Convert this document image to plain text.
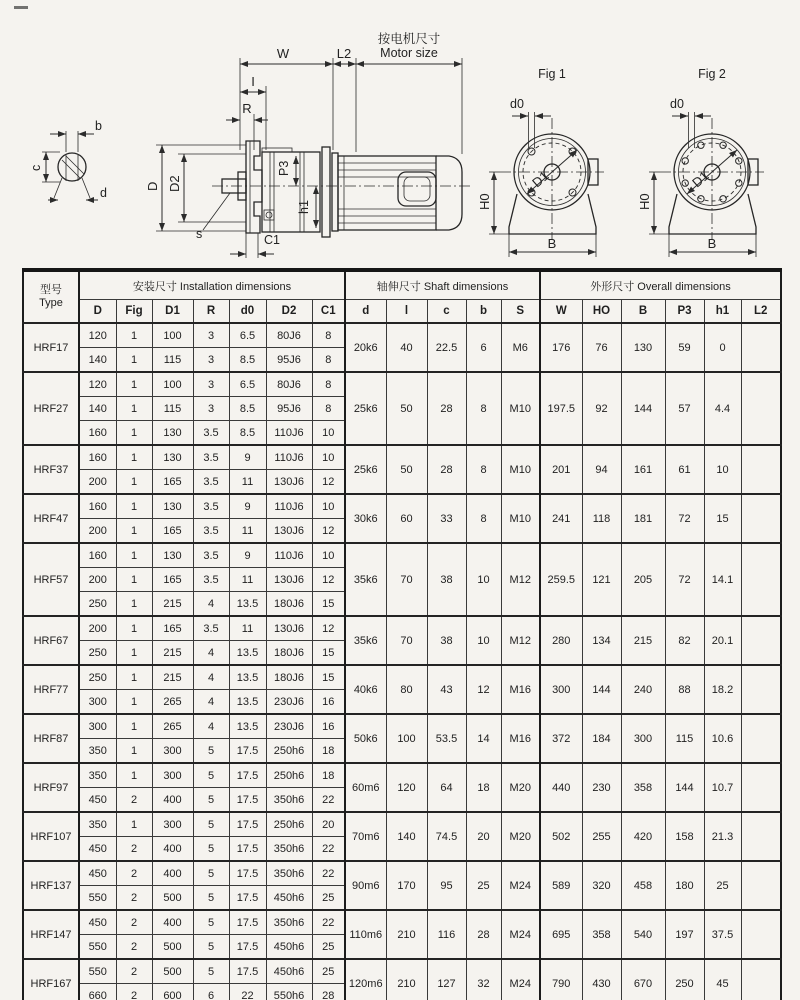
b
c
d
P3
h1
W	L2
按电机尺寸
Motor size
I
R
D D2
s	C1
Fig 1
D1
d0
H0
B
Fig 2
D1
d0
H0
B
型号
Type	安装尺寸 Installation dimensions							轴伸尺寸 Shaft dimensions					外形尺寸 Overall dimensions					
	D	Fig	D1	R	d0	D2	C1	d	l	c	b	S	W	HO	B	P3	h1	L2
HRF17	120	1	100	3	6.5	80J6	8	20k6	40	22.5	6	M6	176	76	130	59	0	
	140	1	115	3	8.5	95J6	8											
HRF27	120	1	100	3	6.5	80J6	8	25k6	50	28	8	M10	197.5	92	144	57	4.4	
	140	1	115	3	8.5	95J6	8											
	160	1	130	3.5	8.5	110J6	10											
HRF37	160	1	130	3.5	9	110J6	10	25k6	50	28	8	M10	201	94	161	61	10	
	200	1	165	3.5	11	130J6	12											
HRF47	160	1	130	3.5	9	110J6	10	30k6	60	33	8	M10	241	118	181	72	15	
	200	1	165	3.5	11	130J6	12											
HRF57	160	1	130	3.5	9	110J6	10	35k6	70	38	10	M12	259.5	121	205	72	14.1	
	200	1	165	3.5	11	130J6	12											
	250	1	215	4	13.5	180J6	15											
HRF67	200	1	165	3.5	11	130J6	12	35k6	70	38	10	M12	280	134	215	82	20.1	
	250	1	215	4	13.5	180J6	15											
HRF77	250	1	215	4	13.5	180J6	15	40k6	80	43	12	M16	300	144	240	88	18.2	
	300	1	265	4	13.5	230J6	16											
HRF87	300	1	265	4	13.5	230J6	16	50k6	100	53.5	14	M16	372	184	300	115	10.6	
	350	1	300	5	17.5	250h6	18											
HRF97	350	1	300	5	17.5	250h6	18	60m6	120	64	18	M20	440	230	358	144	10.7	
	450	2	400	5	17.5	350h6	22											
HRF107	350	1	300	5	17.5	250h6	20	70m6	140	74.5	20	M20	502	255	420	158	21.3	
	450	2	400	5	17.5	350h6	22											
HRF137	450	2	400	5	17.5	350h6	22	90m6	170	95	25	M24	589	320	458	180	25	
	550	2	500	5	17.5	450h6	25											
HRF147	450	2	400	5	17.5	350h6	22	110m6	210	116	28	M24	695	358	540	197	37.5	
	550	2	500	5	17.5	450h6	25											
HRF167	550	2	500	5	17.5	450h6	25	120m6	210	127	32	M24	790	430	670	250	45	
	660	2	600	6	22	550h6	28											
